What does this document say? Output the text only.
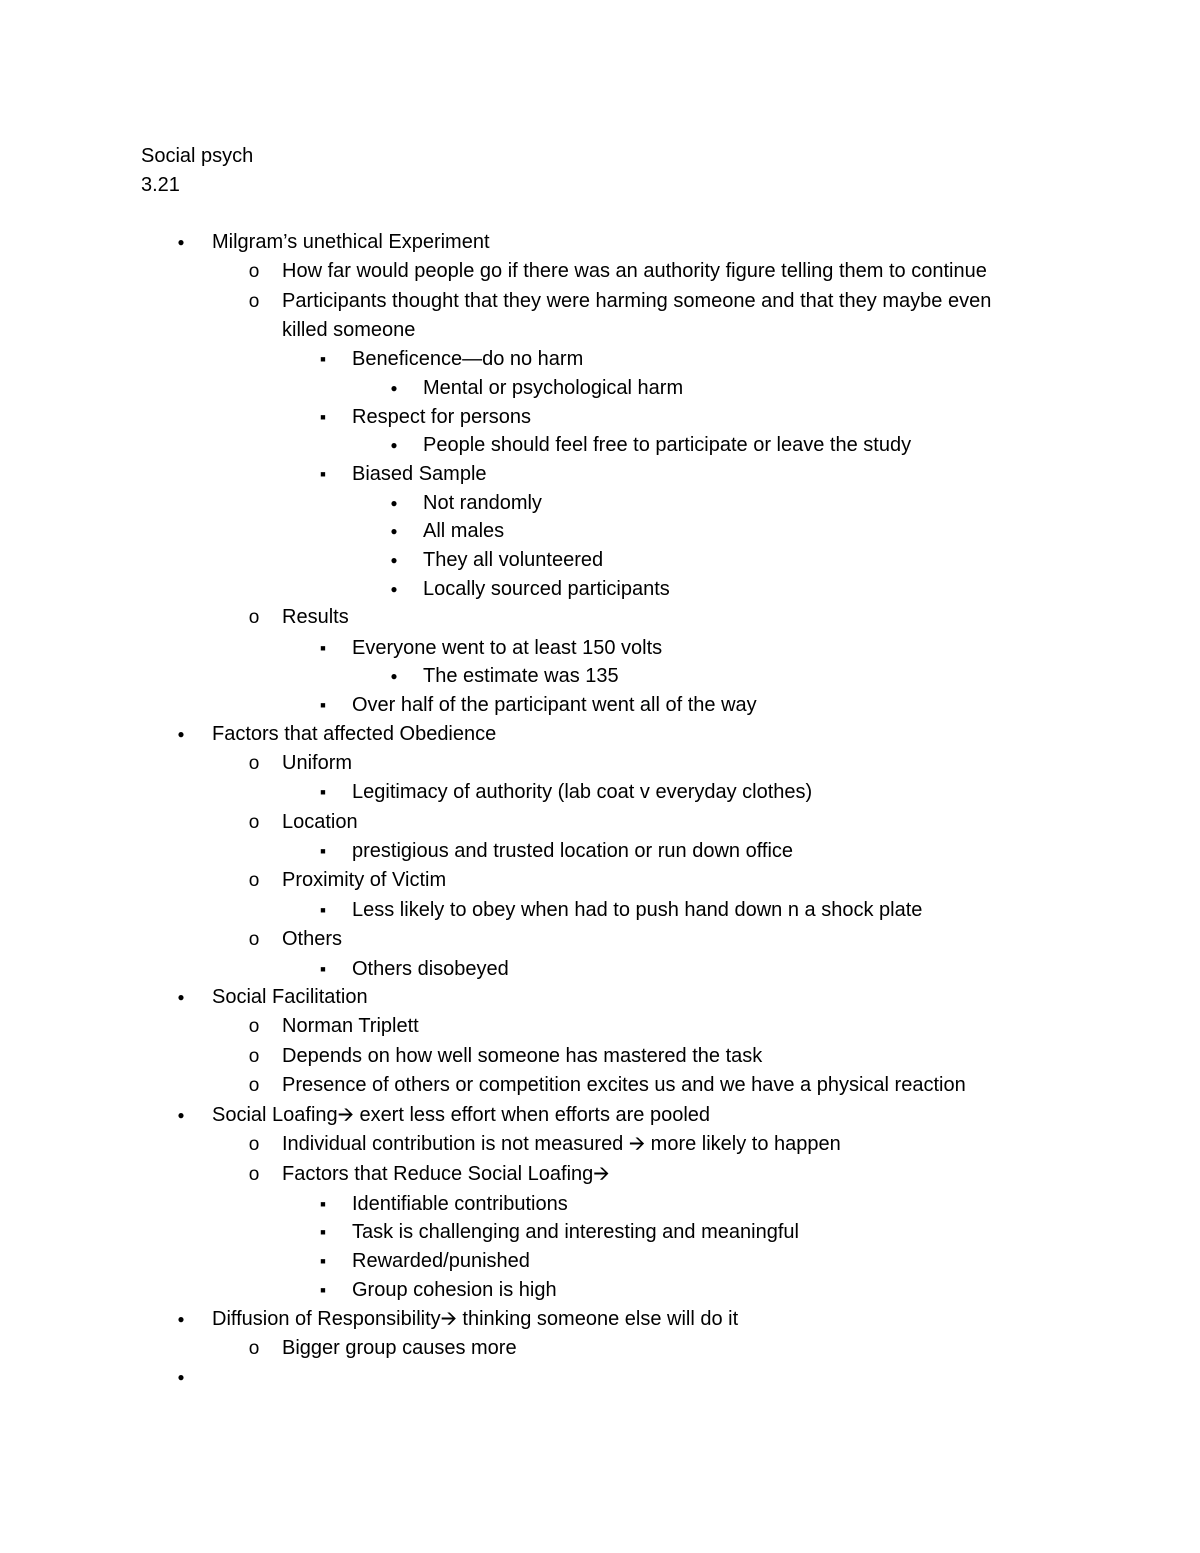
Social psych
3.21
Milgram’s unethical Experiment
●
How far would people go if there was an authority figure telling them to continue
o
Participants thought that they were harming someone and that they maybe even
o
killed someone
Beneficence—do no harm
■
Mental or psychological harm
●
Respect for persons
■
People should feel free to participate or leave the study
●
Biased Sample
■
Not randomly
●
All males
●
They all volunteered
●
Locally sourced participants
●
Results
o
Everyone went to at least 150 volts
■
The estimate was 135
●
Over half of the participant went all of the way
■
Factors that affected Obedience
●
Uniform
o
Legitimacy of authority (lab coat v everyday clothes)
■
Location
o
prestigious and trusted location or run down office
■
Proximity of Victim
o
Less likely to obey when had to push hand down n a shock plate
■
Others
o
Others disobeyed
■
Social Facilitation
●
Norman Triplett
o
Depends on how well someone has mastered the task
o
Presence of others or competition excites us and we have a physical reaction
o
Social Loafing🡪 exert less effort when efforts are pooled
●
Individual contribution is not measured 🡪 more likely to happen
o
Factors that Reduce Social Loafing🡪
o
Identifiable contributions
■
Task is challenging and interesting and meaningful
■
Rewarded/punished
■
Group cohesion is high
■
Diffusion of Responsibility🡪 thinking someone else will do it
●
Bigger group causes more
o
●
